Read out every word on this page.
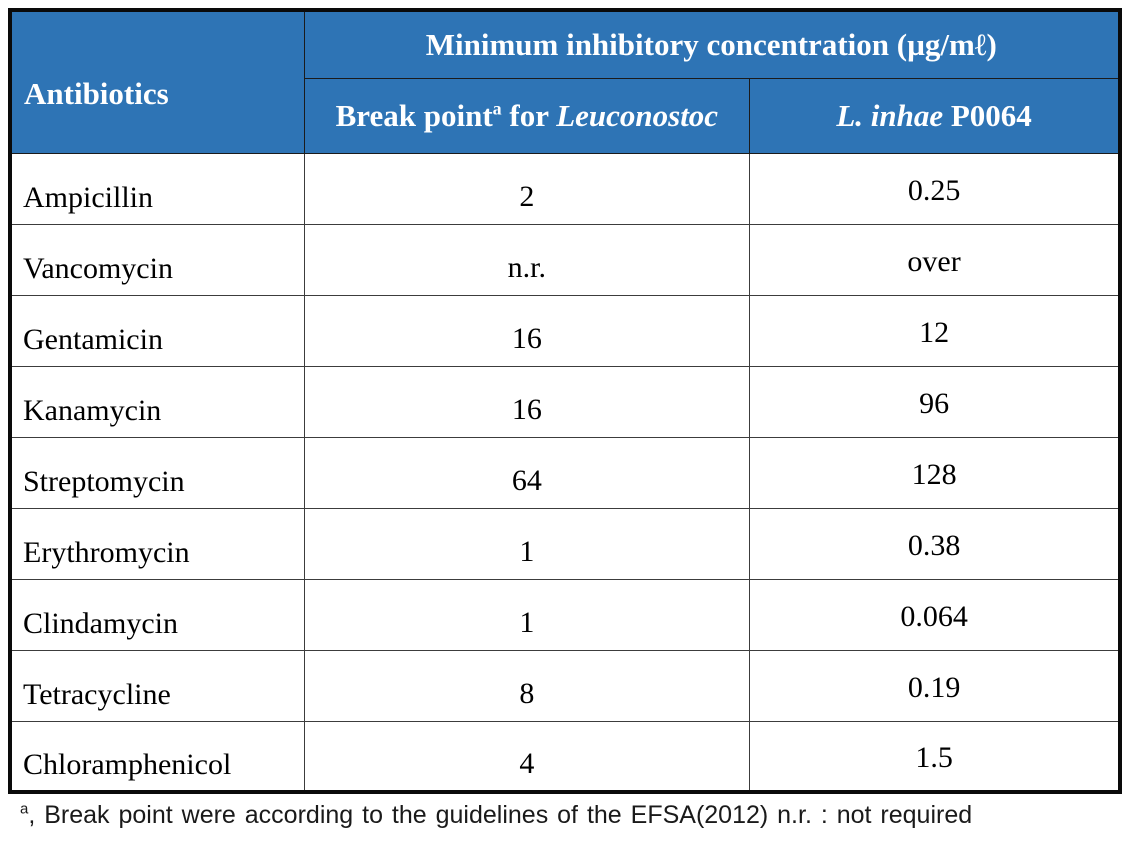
Antibiotics	Minimum inhibitory concentration (µg/mℓ)	
	Break point$^a$ for Leuconostoc	L. inhae P0064
Ampicillin	2	0.25
Vancomycin	n.r.	over
Gentamicin	16	12
Kanamycin	16	96
Streptomycin	64	128
Erythromycin	1	0.38
Clindamycin	1	0.064
Tetracycline	8	0.19
Chloramphenicol	4	1.5
$^a$, Break point were according to the guidelines of the EFSA(2012) n.r. : not required
